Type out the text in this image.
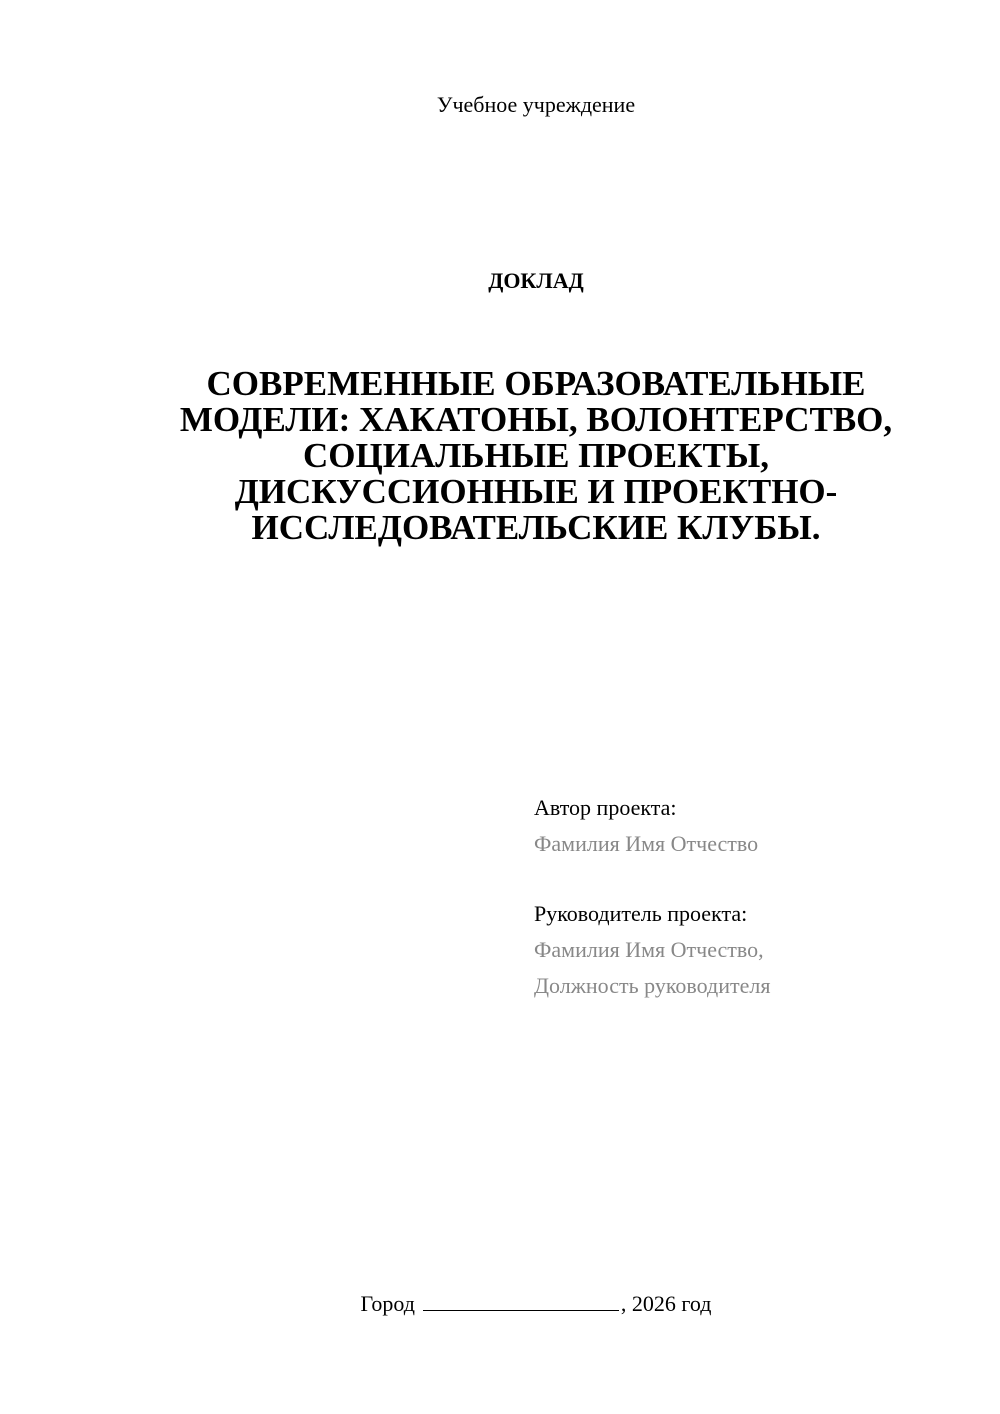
Учебное учреждение
ДОКЛАД
СОВРЕМЕННЫЕ ОБРАЗОВАТЕЛЬНЫЕ МОДЕЛИ: ХАКАТОНЫ, ВОЛОНТЕРСТВО, СОЦИАЛЬНЫЕ ПРОЕКТЫ, ДИСКУССИОННЫЕ И ПРОЕКТНО-ИССЛЕДОВАТЕЛЬСКИЕ КЛУБЫ.
Автор проекта:
Фамилия Имя Отчество
Руководитель проекта:
Фамилия Имя Отчество,
Должность руководителя
Город	, 2026 год
